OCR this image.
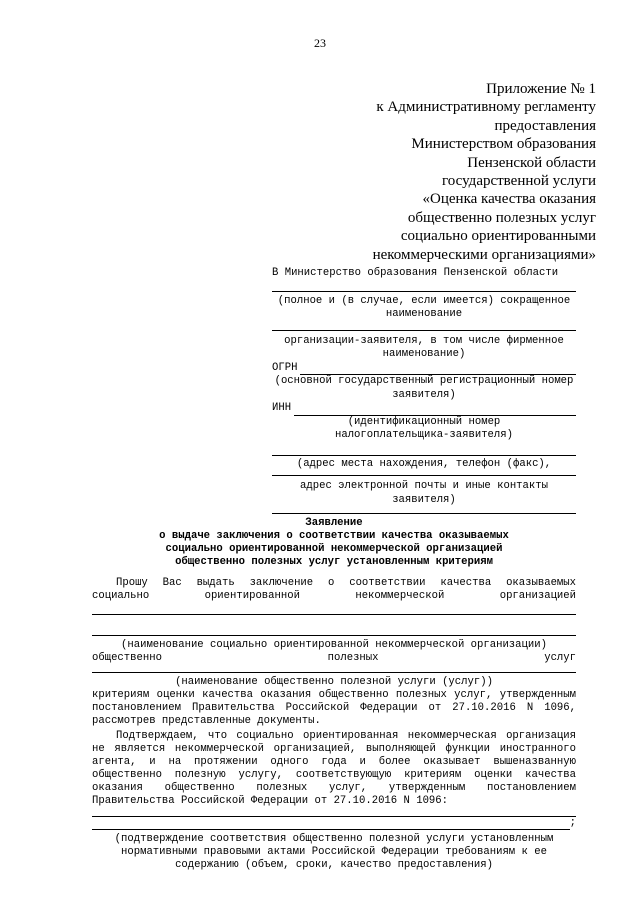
23
Приложение № 1
к Административному регламенту
предоставления
Министерством образования
Пензенской области
государственной услуги
«Оценка качества оказания
общественно полезных услуг
социально ориентированными
некоммерческими организациями»
В Министерство образования Пензенской области
(полное и (в случае, если имеется) сокращенное наименование
организации-заявителя, в том числе фирменное наименование)
ОГРН
(основной государственный регистрационный номер заявителя)
ИНН
(идентификационный номер налогоплательщика-заявителя)
(адрес места нахождения, телефон (факс),
адрес электронной почты и иные контакты заявителя)
Заявление
о выдаче заключения о соответствии качества оказываемых
социально ориентированной некоммерческой организацией
общественно полезных услуг установленным критериям
Прошу Вас выдать заключение о соответствии качества оказываемых
социально ориентированной некоммерческой организацией
(наименование социально ориентированной некоммерческой организации)
общественно полезных услуг
(наименование общественно полезной услуги (услуг))
критериям оценки качества оказания общественно полезных услуг, утвержденным постановлением Правительства Российской Федерации от 27.10.2016 N 1096, рассмотрев представленные документы.
Подтверждаем, что социально ориентированная некоммерческая организация не является некоммерческой организацией, выполняющей функции иностранного агента, и на протяжении одного года и более оказывает вышеназванную общественно полезную услугу, соответствующую критериям оценки качества оказания общественно полезных услуг, утвержденным постановлением Правительства Российской Федерации от 27.10.2016 N 1096:
;
(подтверждение соответствия общественно полезной услуги установленным нормативными правовыми актами Российской Федерации требованиям к ее содержанию (объем, сроки, качество предоставления)
